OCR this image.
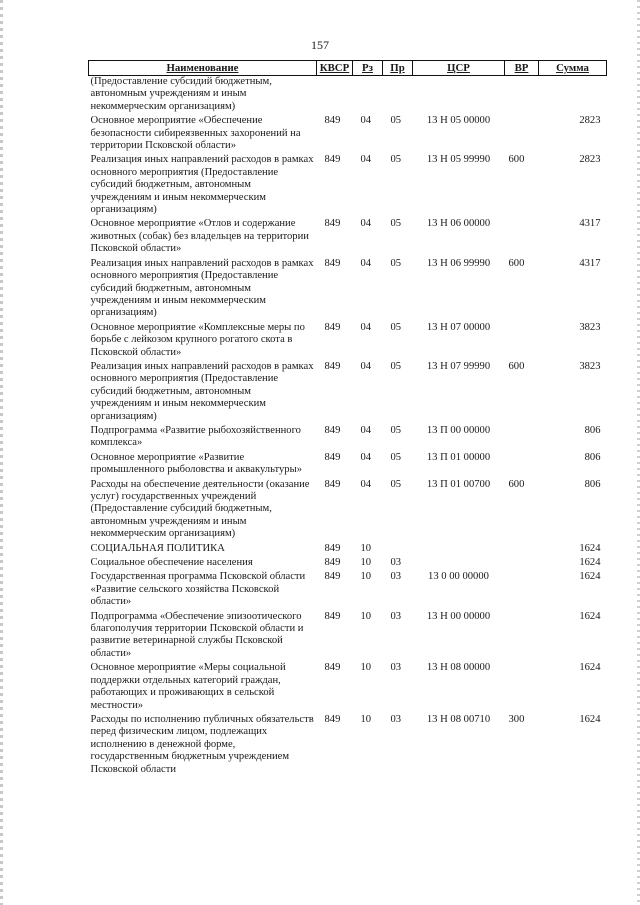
157
Наименование	КВСР	Рз	Пр	ЦСР	ВР	Сумма
(Предоставление субсидий бюджетным, автономным учреждениям и иным некоммерческим организациям)						
Основное мероприятие «Обеспечение безопасности сибиреязвенных захоронений на территории Псковской области»	849	04	05	13 Н 05 00000		2823
Реализация иных направлений расходов в рамках основного мероприятия (Предоставление субсидий бюджетным, автономным учреждениям и иным некоммерческим организациям)	849	04	05	13 Н 05 99990	600	2823
Основное мероприятие «Отлов и содержание животных (собак) без владельцев на территории Псковской области»	849	04	05	13 Н 06 00000		4317
Реализация иных направлений расходов в рамках основного мероприятия (Предоставление субсидий бюджетным, автономным учреждениям и иным некоммерческим организациям)	849	04	05	13 Н 06 99990	600	4317
Основное мероприятие «Комплексные меры по борьбе с лейкозом крупного рогатого скота в Псковской области»	849	04	05	13 Н 07 00000		3823
Реализация иных направлений расходов в рамках основного мероприятия (Предоставление субсидий бюджетным, автономным учреждениям и иным некоммерческим организациям)	849	04	05	13 Н 07 99990	600	3823
Подпрограмма «Развитие рыбохозяйственного комплекса»	849	04	05	13 П 00 00000		806
Основное мероприятие «Развитие промышленного рыболовства и аквакультуры»	849	04	05	13 П 01 00000		806
Расходы на обеспечение деятельности (оказание услуг) государственных учреждений (Предоставление субсидий бюджетным, автономным учреждениям и иным некоммерческим организациям)	849	04	05	13 П 01 00700	600	806
СОЦИАЛЬНАЯ ПОЛИТИКА	849	10				1624
Социальное обеспечение населения	849	10	03			1624
Государственная программа Псковской области «Развитие сельского хозяйства Псковской области»	849	10	03	13 0 00 00000		1624
Подпрограмма «Обеспечение эпизоотического благополучия территории Псковской области и развитие ветеринарной службы Псковской области»	849	10	03	13 Н 00 00000		1624
Основное мероприятие «Меры социальной поддержки отдельных категорий граждан, работающих и проживающих в сельской местности»	849	10	03	13 Н 08 00000		1624
Расходы по исполнению публичных обязательств перед физическим лицом, подлежащих исполнению в денежной форме, государственным бюджетным учреждением Псковской области	849	10	03	13 Н 08 00710	300	1624
